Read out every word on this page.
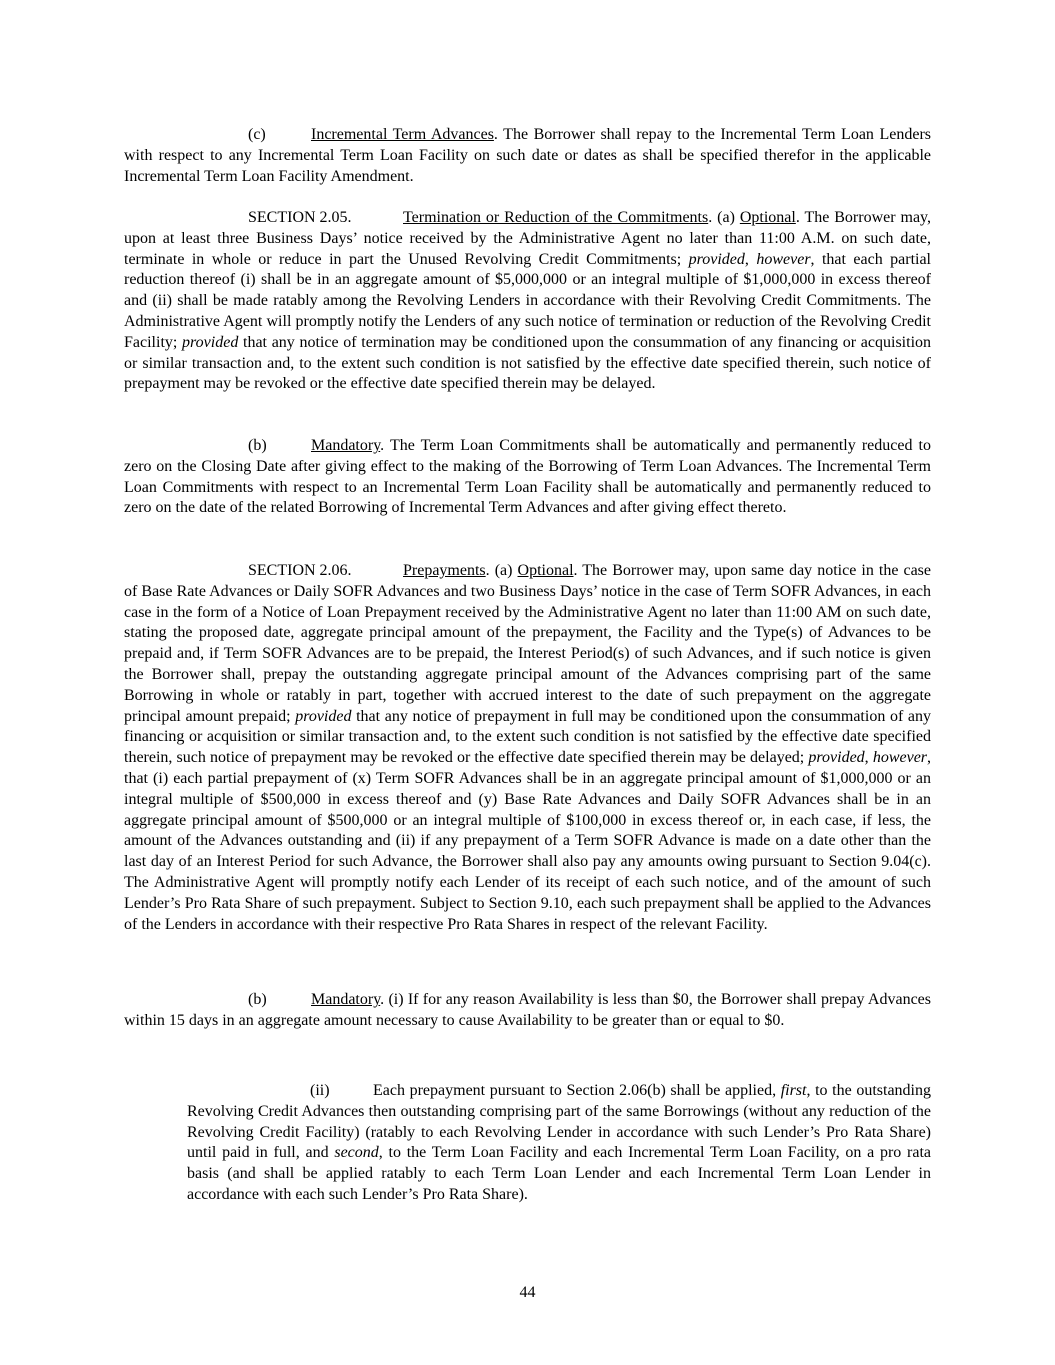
(c)	Incremental Term Advances. The Borrower shall repay to the Incremental Term Loan Lenders with respect to any Incremental Term Loan Facility on such date or dates as shall be specified therefor in the applicable Incremental Term Loan Facility Amendment.
SECTION 2.05.	Termination or Reduction of the Commitments. (a) Optional. The Borrower may, upon at least three Business Days’ notice received by the Administrative Agent no later than 11:00 A.M. on such date, terminate in whole or reduce in part the Unused Revolving Credit Commitments; provided, however, that each partial reduction thereof (i) shall be in an aggregate amount of $5,000,000 or an integral multiple of $1,000,000 in excess thereof and (ii) shall be made ratably among the Revolving Lenders in accordance with their Revolving Credit Commitments. The Administrative Agent will promptly notify the Lenders of any such notice of termination or reduction of the Revolving Credit Facility; provided that any notice of termination may be conditioned upon the consummation of any financing or acquisition or similar transaction and, to the extent such condition is not satisfied by the effective date specified therein, such notice of prepayment may be revoked or the effective date specified therein may be delayed.
(b)	Mandatory. The Term Loan Commitments shall be automatically and permanently reduced to zero on the Closing Date after giving effect to the making of the Borrowing of Term Loan Advances. The Incremental Term Loan Commitments with respect to an Incremental Term Loan Facility shall be automatically and permanently reduced to zero on the date of the related Borrowing of Incremental Term Advances and after giving effect thereto.
SECTION 2.06.	Prepayments. (a) Optional. The Borrower may, upon same day notice in the case of Base Rate Advances or Daily SOFR Advances and two Business Days’ notice in the case of Term SOFR Advances, in each case in the form of a Notice of Loan Prepayment received by the Administrative Agent no later than 11:00 AM on such date, stating the proposed date, aggregate principal amount of the prepayment, the Facility and the Type(s) of Advances to be prepaid and, if Term SOFR Advances are to be prepaid, the Interest Period(s) of such Advances, and if such notice is given the Borrower shall, prepay the outstanding aggregate principal amount of the Advances comprising part of the same Borrowing in whole or ratably in part, together with accrued interest to the date of such prepayment on the aggregate principal amount prepaid; provided that any notice of prepayment in full may be conditioned upon the consummation of any financing or acquisition or similar transaction and, to the extent such condition is not satisfied by the effective date specified therein, such notice of prepayment may be revoked or the effective date specified therein may be delayed; provided, however, that (i) each partial prepayment of (x) Term SOFR Advances shall be in an aggregate principal amount of $1,000,000 or an integral multiple of $500,000 in excess thereof and (y) Base Rate Advances and Daily SOFR Advances shall be in an aggregate principal amount of $500,000 or an integral multiple of $100,000 in excess thereof or, in each case, if less, the amount of the Advances outstanding and (ii) if any prepayment of a Term SOFR Advance is made on a date other than the last day of an Interest Period for such Advance, the Borrower shall also pay any amounts owing pursuant to Section 9.04(c). The Administrative Agent will promptly notify each Lender of its receipt of each such notice, and of the amount of such Lender’s Pro Rata Share of such prepayment. Subject to Section 9.10, each such prepayment shall be applied to the Advances of the Lenders in accordance with their respective Pro Rata Shares in respect of the relevant Facility.
(b)	Mandatory. (i) If for any reason Availability is less than $0, the Borrower shall prepay Advances within 15 days in an aggregate amount necessary to cause Availability to be greater than or equal to $0.
(ii)	Each prepayment pursuant to Section 2.06(b) shall be applied, first, to the outstanding Revolving Credit Advances then outstanding comprising part of the same Borrowings (without any reduction of the Revolving Credit Facility) (ratably to each Revolving Lender in accordance with such Lender’s Pro Rata Share) until paid in full, and second, to the Term Loan Facility and each Incremental Term Loan Facility, on a pro rata basis (and shall be applied ratably to each Term Loan Lender and each Incremental Term Loan Lender in accordance with each such Lender’s Pro Rata Share).
44
